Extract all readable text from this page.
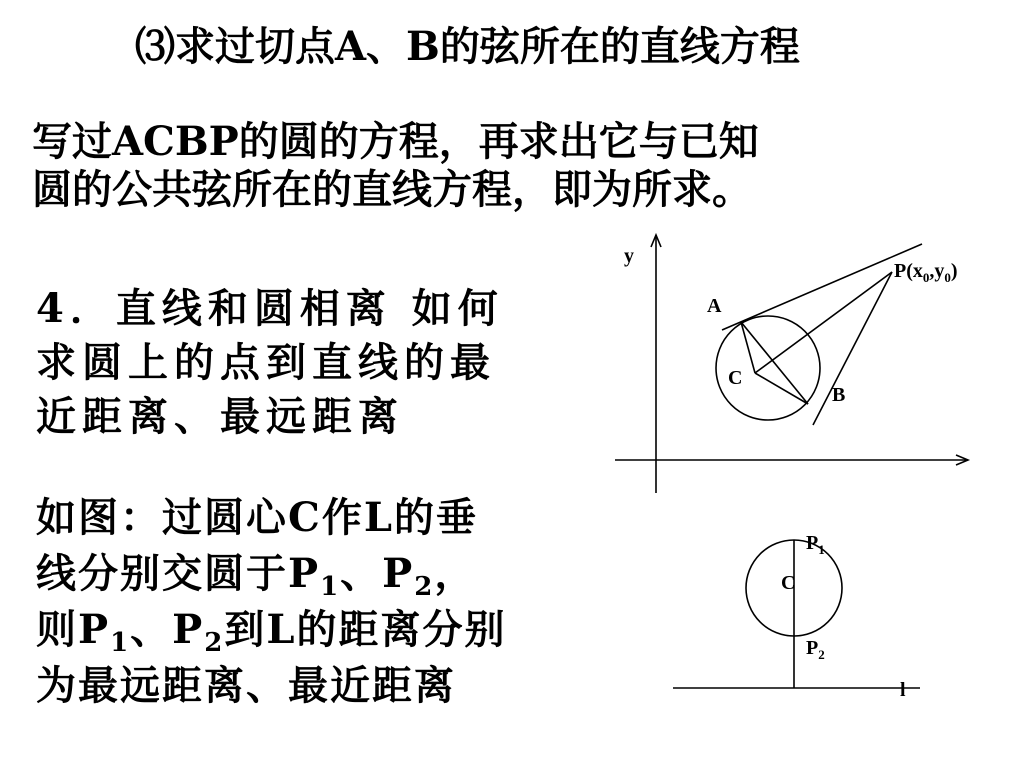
⑶求过切点A、B的弦所在的直线方程

写过ACBP的圆的方程，再求出它与已知
圆的公共弦所在的直线方程，即为所求。
4．直线和圆相离 如何
求圆上的点到直线的最
近距离、最远距离
如图：过圆心C作L的垂
线分别交圆于$P_1$、$P_2$，
则$P_1$、$P_2$到L的距离分别
为最远距离、最近距离
y
$P(x_0,y_0)$
A
C
B
$P_1$
C
$P_2$
l
